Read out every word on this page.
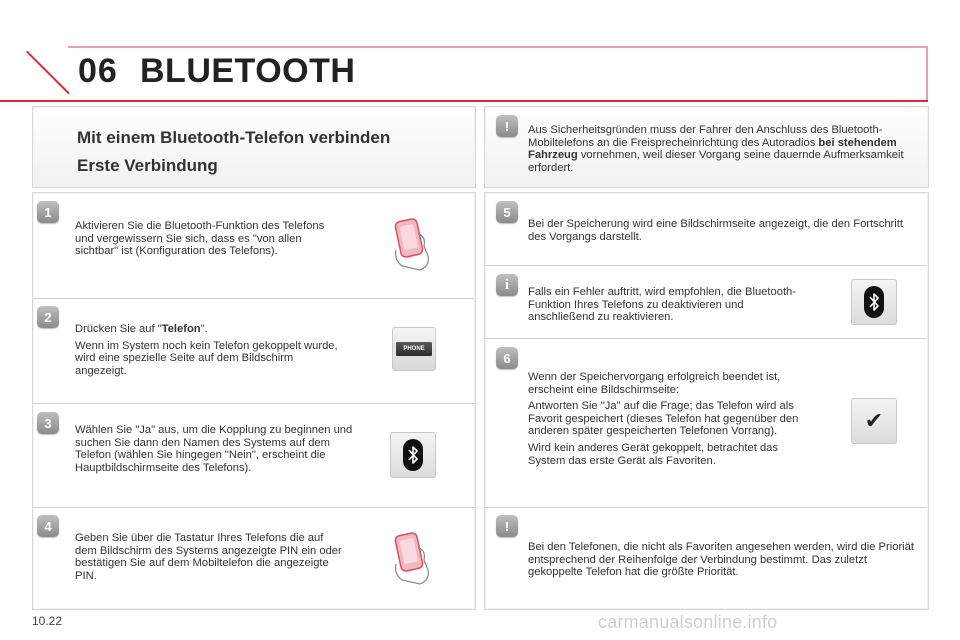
06 BLUETOOTH
Mit einem Bluetooth-Telefon verbinden
Erste Verbindung
!	Aus Sicherheitsgründen muss der Fahrer den Anschluss des Bluetooth-Mobiltelefons an die Freisprecheinrichtung des Autoradios bei stehendem Fahrzeug vornehmen, weil dieser Vorgang seine dauernde Aufmerksamkeit erfordert.
1
Aktivieren Sie die Bluetooth-Funktion des Telefons und vergewissern Sie sich, dass es "von allen sichtbar" ist (Konfiguration des Telefons).
2

Drücken Sie auf "Telefon".

Wenn im System noch kein Telefon gekoppelt wurde, wird eine spezielle Seite auf dem Bildschirm angezeigt.

PHONE
3	Wählen Sie "Ja" aus, um die Kopplung zu beginnen und suchen Sie dann den Namen des Systems auf dem Telefon (wählen Sie hingegen "Nein", erscheint die Hauptbildschirmseite des Telefons).
4
Geben Sie über die Tastatur Ihres Telefons die auf dem Bildschirm des Systems angezeigte PIN ein oder bestätigen Sie auf dem Mobiltelefon die angezeigte PIN.
5
Bei der Speicherung wird eine Bildschirmseite angezeigt, die den Fortschritt des Vorgangs darstellt.
i	Falls ein Fehler auftritt, wird empfohlen, die Bluetooth-Funktion Ihres Telefons zu deaktivieren und anschließend zu reaktivieren.
6

Wenn der Speichervorgang erfolgreich beendet ist, erscheint eine Bildschirmseite:

Antworten Sie "Ja" auf die Frage; das Telefon wird als Favorit gespeichert (dieses Telefon hat gegenüber den anderen später gespeicherten Telefonen Vorrang).

Wird kein anderes Gerät gekoppelt, betrachtet das System das erste Gerät als Favoriten.

✔
!
Bei den Telefonen, die nicht als Favoriten angesehen werden, wird die Prioriät entsprechend der Reihenfolge der Verbindung bestimmt. Das zuletzt gekoppelte Telefon hat die größte Priorität.
10.22	carmanualsonline.info
